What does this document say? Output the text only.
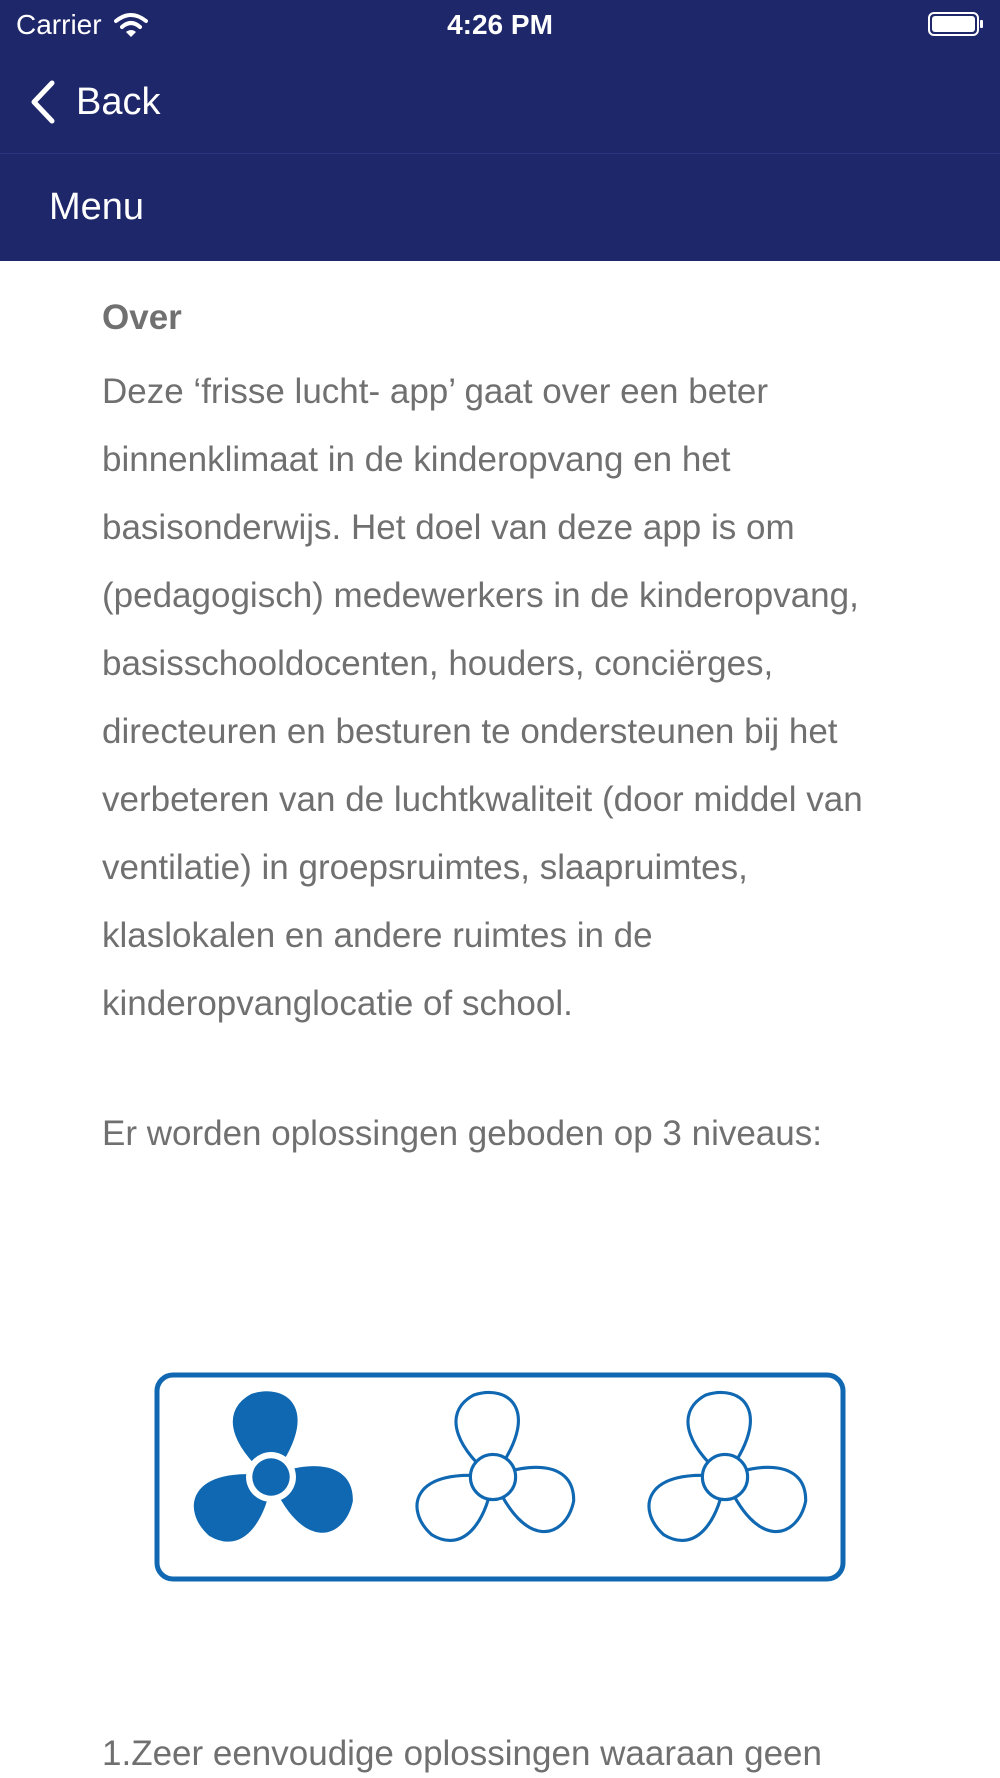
Carrier	4:26 PM
Back
Menu

Over

Deze ‘frisse lucht- app’ gaat over een beter binnenklimaat in de kinderopvang en het basisonderwijs. Het doel van deze app is om (pedagogisch) medewerkers in de kinderopvang, basisschooldocenten, houders, conciërges, directeuren en besturen te ondersteunen bij het verbeteren van de luchtkwaliteit (door middel van ventilatie) in groepsruimtes, slaapruimtes, klaslokalen en andere ruimtes in de kinderopvanglocatie of school.

Er worden oplossingen geboden op 3 niveaus:

1.Zeer eenvoudige oplossingen waaraan geen
